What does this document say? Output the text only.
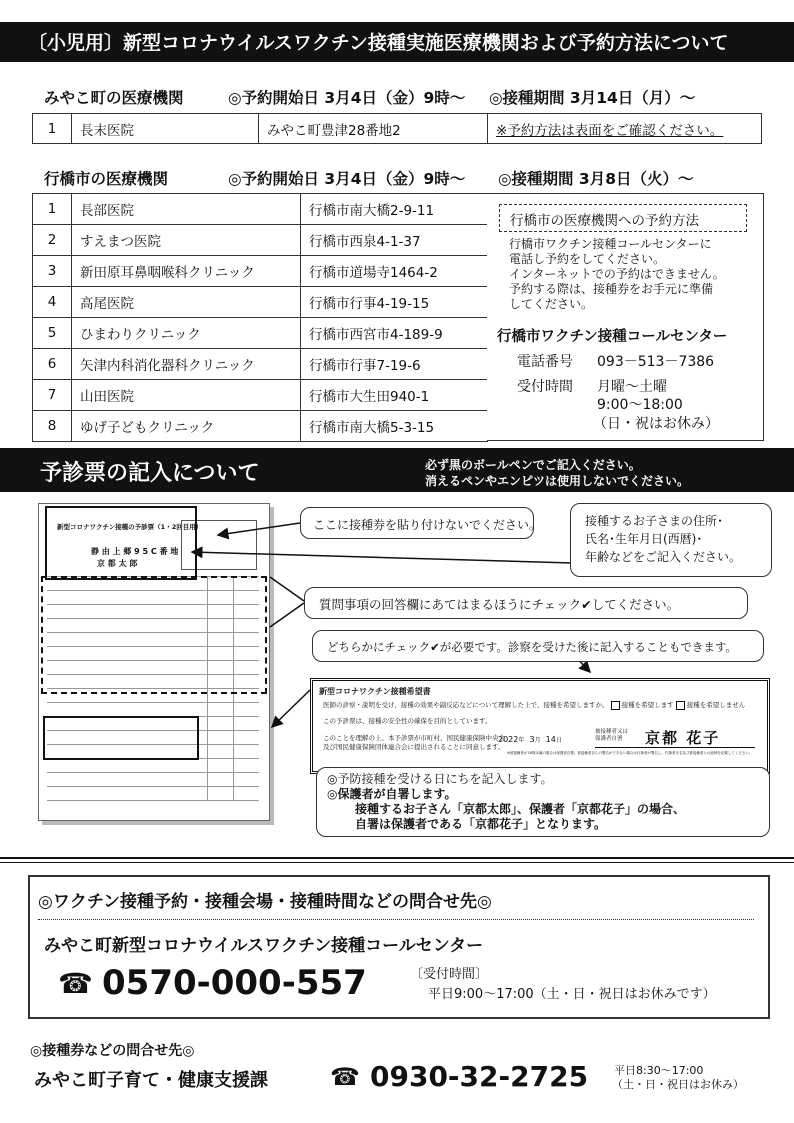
〔小児用〕新型コロナウイルスワクチン接種実施医療機関および予約方法について
みやこ町の医療機関	◎予約開始日 3月4日（金）9時～ ◎接種期間 3月14日（月）～
1	長末医院	みやこ町豊津28番地2	※予約方法は表面をご確認ください。
行橋市の医療機関	◎予約開始日 3月4日（金）9時～ ◎接種期間 3月8日（火）～
1	長部医院	行橋市南大橋2-9-11
2	すえまつ医院	行橋市西泉4-1-37
3	新田原耳鼻咽喉科クリニック	行橋市道場寺1464-2
4	高尾医院	行橋市行事4-19-15
5	ひまわりクリニック	行橋市西宮市4-189-9
6	矢津内科消化器科クリニック	行橋市行事7-19-6
7	山田医院	行橋市大生田940-1
8	ゆげ子どもクリニック	行橋市南大橋5-3-15
行橋市の医療機関への予約方法
行橋市ワクチン接種コールセンターに
電話し予約をしてください。
インターネットでの予約はできません。
予約する際は、接種券をお手元に準備
してください。
行橋市ワクチン接種コールセンター
電話番号 093－513－7386
受付時間 月曜～土曜
9:00～18:00
（日・祝はお休み）
予診票の記入について	必ず黒のボールペンでご記入ください。
消えるペンやエンピツは使用しないでください。
新型コロナワクチン接種の予診票（1・2回目用）
静 由 上 郷 9 5 C 番 地
京 都 太 郎
ここに接種券を貼り付けないでください。	接種するお子さまの住所･
氏名･生年月日(西暦)･
年齢などをご記入ください。
質問事項の回答欄にあてはまるほうにチェック✔してください。
どちらかにチェック✔が必要です。診察を受けた後に記入することもできます。
新型コロナワクチン接種希望書
医師の診察・説明を受け、接種の効果や副反応などについて理解した上で、接種を希望しますか。 接種を希望します 接種を希望しません
この予診票は、接種の安全性の確保を目的としています。
このことを理解の上、本予診票が市町村、国民健康保険中央会
及び国民健康保険団体連合会に提出されることに同意します。
2022年 3月 14日
被接種者又は
保護者自署	京都 花子
※被接種者が16歳未満の場合は保護者自署。被接種者自らの署名ができない場合は代筆者が署名し、代筆者氏名及び被接種者との続柄を記載してください。
◎予防接種を受ける日にちを記入します。
◎保護者が自署します。
接種するお子さん「京都太郎」、保護者「京都花子」の場合、
自署は保護者である「京都花子」となります。
◎ワクチン接種予約・接種会場・接種時間などの問合せ先◎
みやこ町新型コロナウイルスワクチン接種コールセンター
☎ 0570-000-557	〔受付時間〕
平日9:00～17:00（土・日・祝日はお休みです）
◎接種券などの問合せ先◎
みやこ町子育て・健康支援課	☎ 0930-32-2725 平日8:30～17:00
（土・日・祝日はお休み）
